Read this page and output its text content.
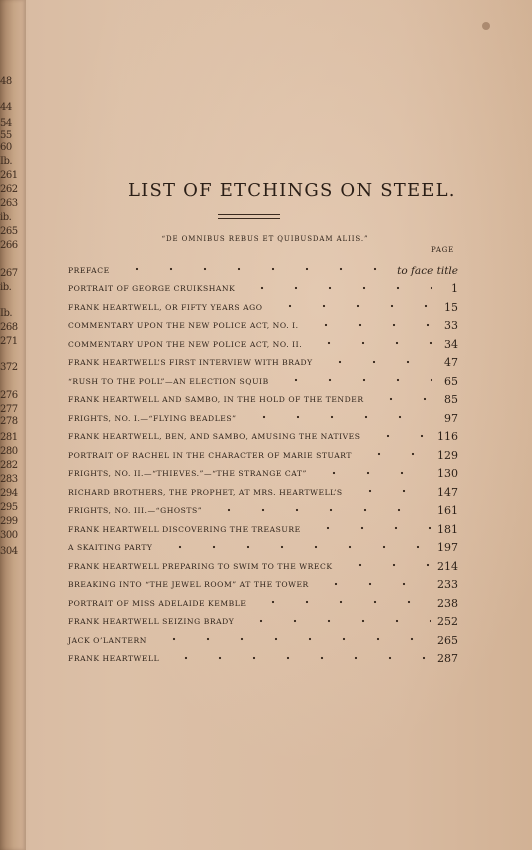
48
44
54
55
60
Ib.
261
262
263
ib.
265
266
267
ib.
Ib.
268
271
372
276
277
278
281
280
282
283
294
295
299
300
304
LIST OF ETCHINGS ON STEEL.
“DE OMNIBUS REBUS ET QUIBUSDAM ALIIS.”
PAGE
PREFACE	to face title
PORTRAIT OF GEORGE CRUIKSHANK	1
FRANK HEARTWELL, OR FIFTY YEARS AGO	15
COMMENTARY UPON THE NEW POLICE ACT, NO. I.	33
COMMENTARY UPON THE NEW POLICE ACT, NO. II.	34
FRANK HEARTWELL’S FIRST INTERVIEW WITH BRADY	47
“RUSH TO THE POLL”—AN ELECTION SQUIB	65
FRANK HEARTWELL AND SAMBO, IN THE HOLD OF THE TENDER	85
FRIGHTS, NO. I.—“FLYING BEADLES”	97
FRANK HEARTWELL, BEN, AND SAMBO, AMUSING THE NATIVES	116
PORTRAIT OF RACHEL IN THE CHARACTER OF MARIE STUART	129
FRIGHTS, NO. II.—“THIEVES.”—“THE STRANGE CAT”	130
RICHARD BROTHERS, THE PROPHET, AT MRS. HEARTWELL’S	147
FRIGHTS, NO. III.—“GHOSTS”	161
FRANK HEARTWELL DISCOVERING THE TREASURE	181
A SKAITING PARTY	197
FRANK HEARTWELL PREPARING TO SWIM TO THE WRECK	214
BREAKING INTO “THE JEWEL ROOM” AT THE TOWER	233
PORTRAIT OF MISS ADELAIDE KEMBLE	238
FRANK HEARTWELL SEIZING BRADY	252
JACK O’LANTERN	265
FRANK HEARTWELL	287
